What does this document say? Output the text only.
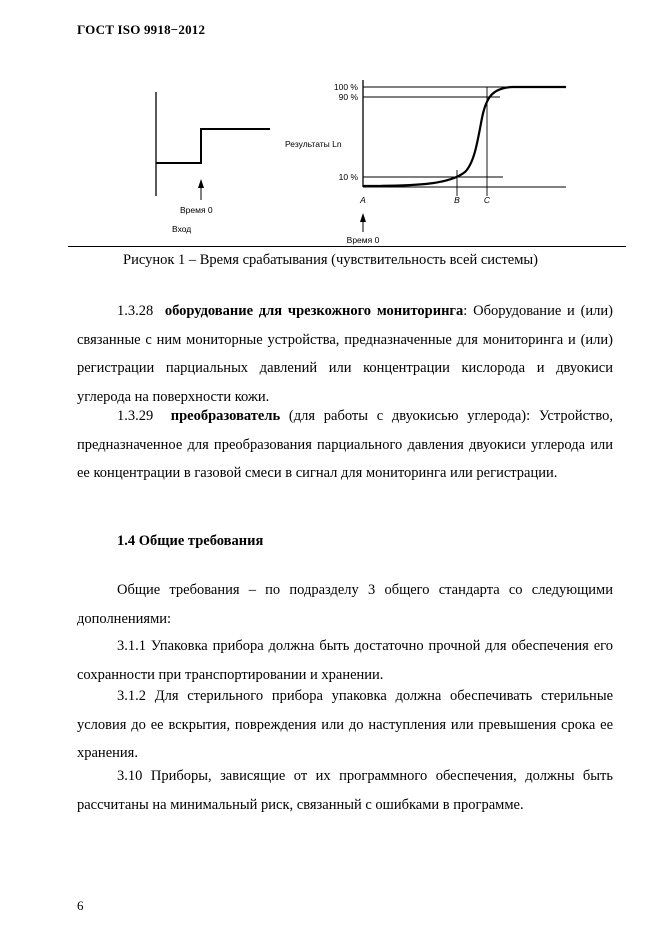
ГОСТ ISO 9918−2012
Время 0
Вход
Результаты Ln
100 %
90 %
10 %
A	B	C
Время 0
Рисунок 1 – Время срабатывания (чувствительность всей системы)

1.3.28 оборудование для чрезкожного мониторинга: Оборудование и (или) связанные с ним мониторные устройства, предназначенные для мониторинга и (или) регистрации парциальных давлений или концентрации кислорода и двуокиси углерода на поверхности кожи.

1.3.29 преобразователь (для работы с двуокисью углерода): Устройство, предназначенное для преобразования парциального давления двуокиси углерода или ее концентрации в газовой смеси в сигнал для мониторинга или регистрации.

1.4 Общие требования

Общие требования – по подразделу 3 общего стандарта со следующими дополнениями:

3.1.1 Упаковка прибора должна быть достаточно прочной для обеспечения его сохранности при транспортировании и хранении.

3.1.2 Для стерильного прибора упаковка должна обеспечивать стерильные условия до ее вскрытия, повреждения или до наступления или превышения срока ее хранения.

3.10 Приборы, зависящие от их программного обеспечения, должны быть рассчитаны на минимальный риск, связанный с ошибками в программе.

6
